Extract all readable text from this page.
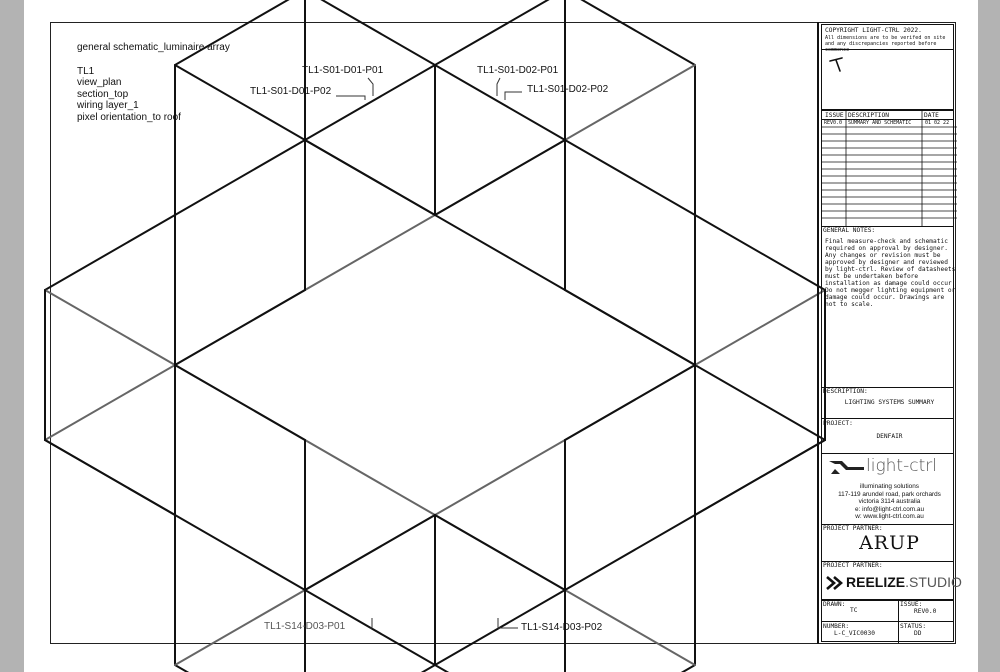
general schematic_luminaire array
TL1
view_plan
section_top
wiring layer_1
pixel orientation_to roof
TL1-S01-D01-P01
TL1-S01-D01-P02
TL1-S01-D02-P01
TL1-S01-D02-P02
TL1-S14-D03-P01	TL1-S14-D03-P02
COPYRIGHT LIGHT-CTRL 2022.
All dimensions are to be verifed on site and any discrepancies reported before commence-
ISSUE DESCRIPTION	DATE
REV0.0 SUMMARY AND SCHEMATIC	01 02 22
GENERAL NOTES:
Final measure-check and schematic required on approval by designer. Any changes or revision must be approved by designer and reviewed by light-ctrl. Review of datasheets must be undertaken before installation as damage could occur. Do not megger lighting equipment or damage could occur. Drawings are not to scale.
DESCRIPTION:
LIGHTING SYSTEMS SUMMARY
PROJECT:
DENFAIR
light-ctrl
illuminating solutions
117-119 arundel road, park orchards
victoria 3114 australia
e: info@light-ctrl.com.au
w: www.light-ctrl.com.au
PROJECT PARTNER:
ARUP
PROJECT PARTNER:
REELIZE.STUDIO
DRAWN:
TC
ISSUE:
REV0.0
NUMBER:
L-C_VIC0030
STATUS:
DD
